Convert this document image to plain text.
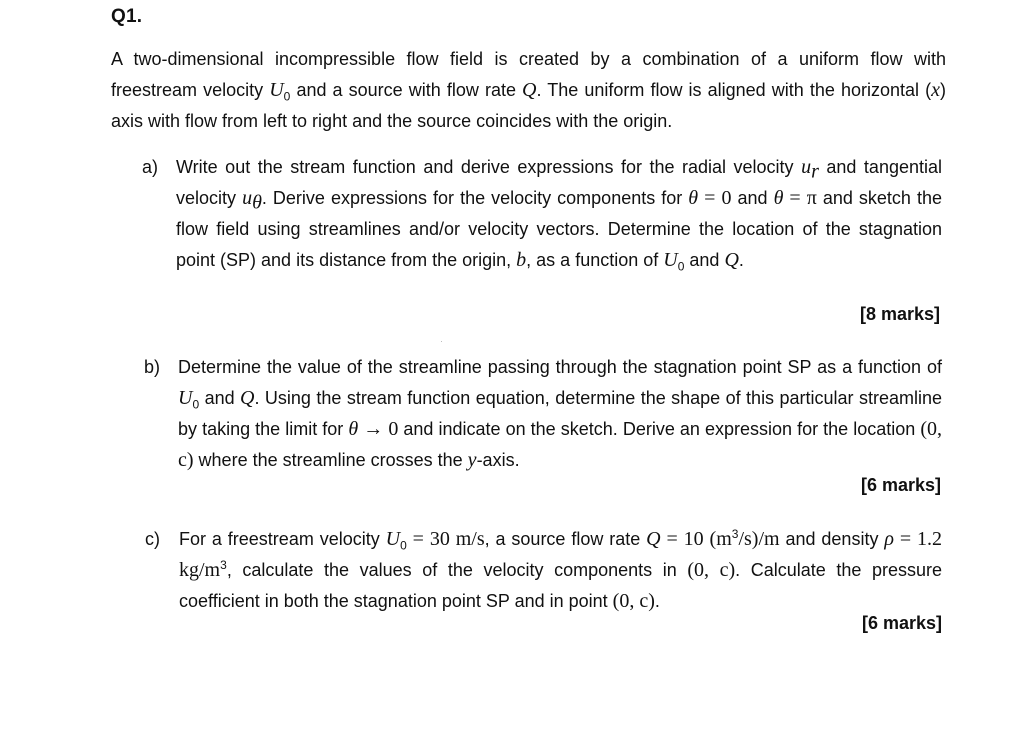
Q1.
A two-dimensional incompressible flow field is created by a combination of a uniform flow with freestream velocity $U_0$ and a source with flow rate Q. The uniform flow is aligned with the horizontal (x) axis with flow from left to right and the source coincides with the origin.
a) Write out the stream function and derive expressions for the radial velocity $u_r$ and tangential velocity $u_\theta$. Derive expressions for the velocity components for θ = 0 and θ = π and sketch the flow field using streamlines and/or velocity vectors. Determine the location of the stagnation point (SP) and its distance from the origin, b, as a function of $U_0$ and Q.
[8 marks]
b) Determine the value of the streamline passing through the stagnation point SP as a function of $U_0$ and Q. Using the stream function equation, determine the shape of this particular streamline by taking the limit for θ → 0 and indicate on the sketch. Derive an expression for the location (0, c) where the streamline crosses the y-axis.
[6 marks]
c) For a freestream velocity $U_0 = 30$ m/s, a source flow rate Q = 10 $(m^3/s)/m$ and density ρ = 1.2 $kg/m^3$, calculate the values of the velocity components in (0, c). Calculate the pressure coefficient in both the stagnation point SP and in point (0, c).
[6 marks]
